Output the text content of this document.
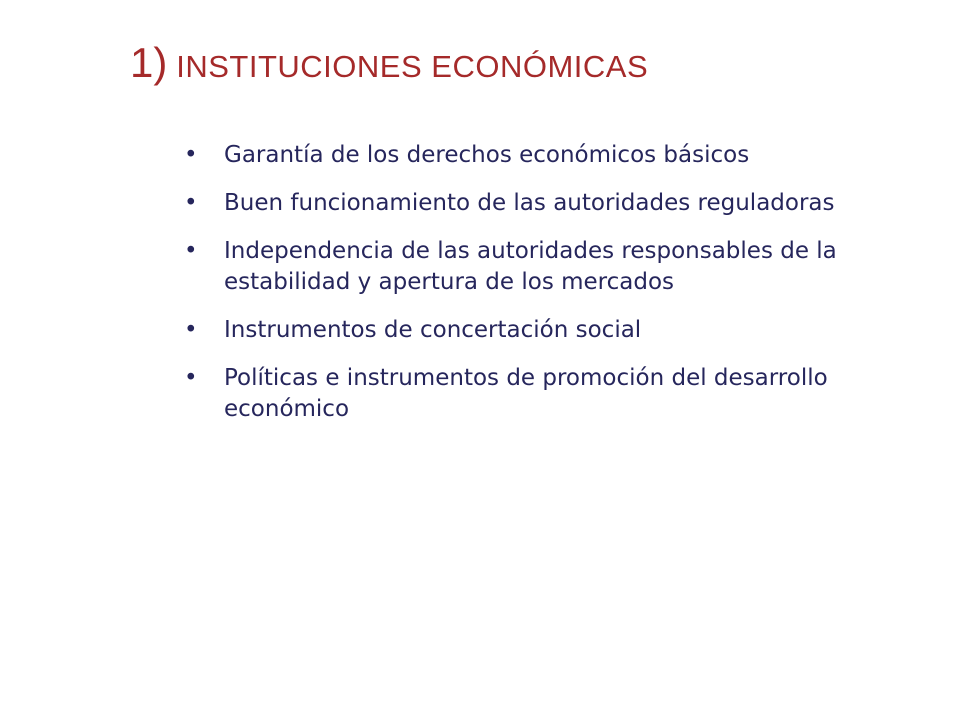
1) INSTITUCIONES ECONÓMICAS
• Garantía de los derechos económicos básicos
• Buen funcionamiento de las autoridades reguladoras
• Independencia de las autoridades responsables de la estabilidad y apertura de los mercados
• Instrumentos de concertación social
• Políticas e instrumentos de promoción del desarrollo económico
